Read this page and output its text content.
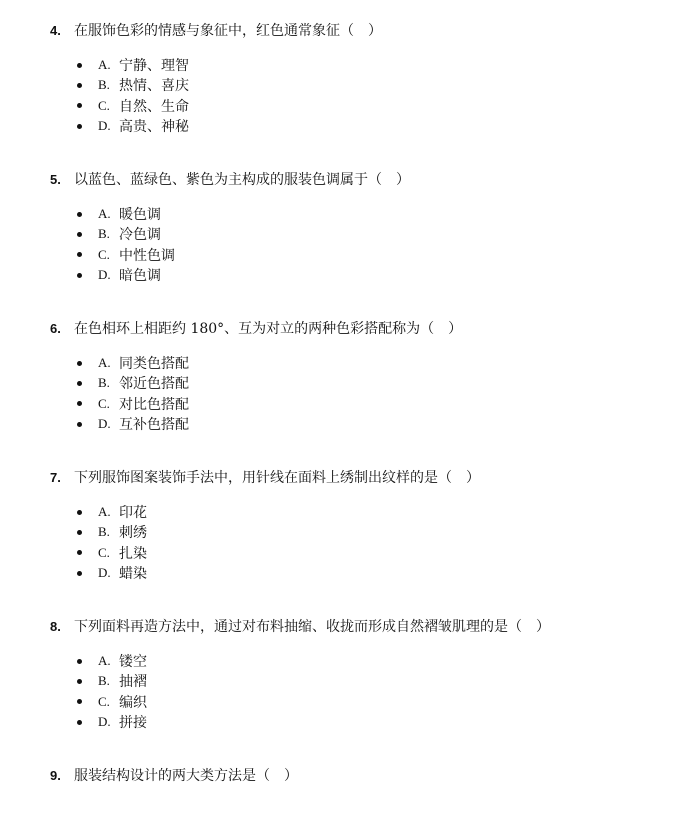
4. 在服饰色彩的情感与象征中，红色通常象征（　）
A. 宁静、理智
B. 热情、喜庆
C. 自然、生命
D. 高贵、神秘
5. 以蓝色、蓝绿色、紫色为主构成的服装色调属于（　）
A. 暖色调
B. 冷色调
C. 中性色调
D. 暗色调
6. 在色相环上相距约 180°、互为对立的两种色彩搭配称为（　）
A. 同类色搭配
B. 邻近色搭配
C. 对比色搭配
D. 互补色搭配
7. 下列服饰图案装饰手法中，用针线在面料上绣制出纹样的是（　）
A. 印花
B. 刺绣
C. 扎染
D. 蜡染
8. 下列面料再造方法中，通过对布料抽缩、收拢而形成自然褶皱肌理的是（　）
A. 镂空
B. 抽褶
C. 编织
D. 拼接
9. 服装结构设计的两大类方法是（　）
